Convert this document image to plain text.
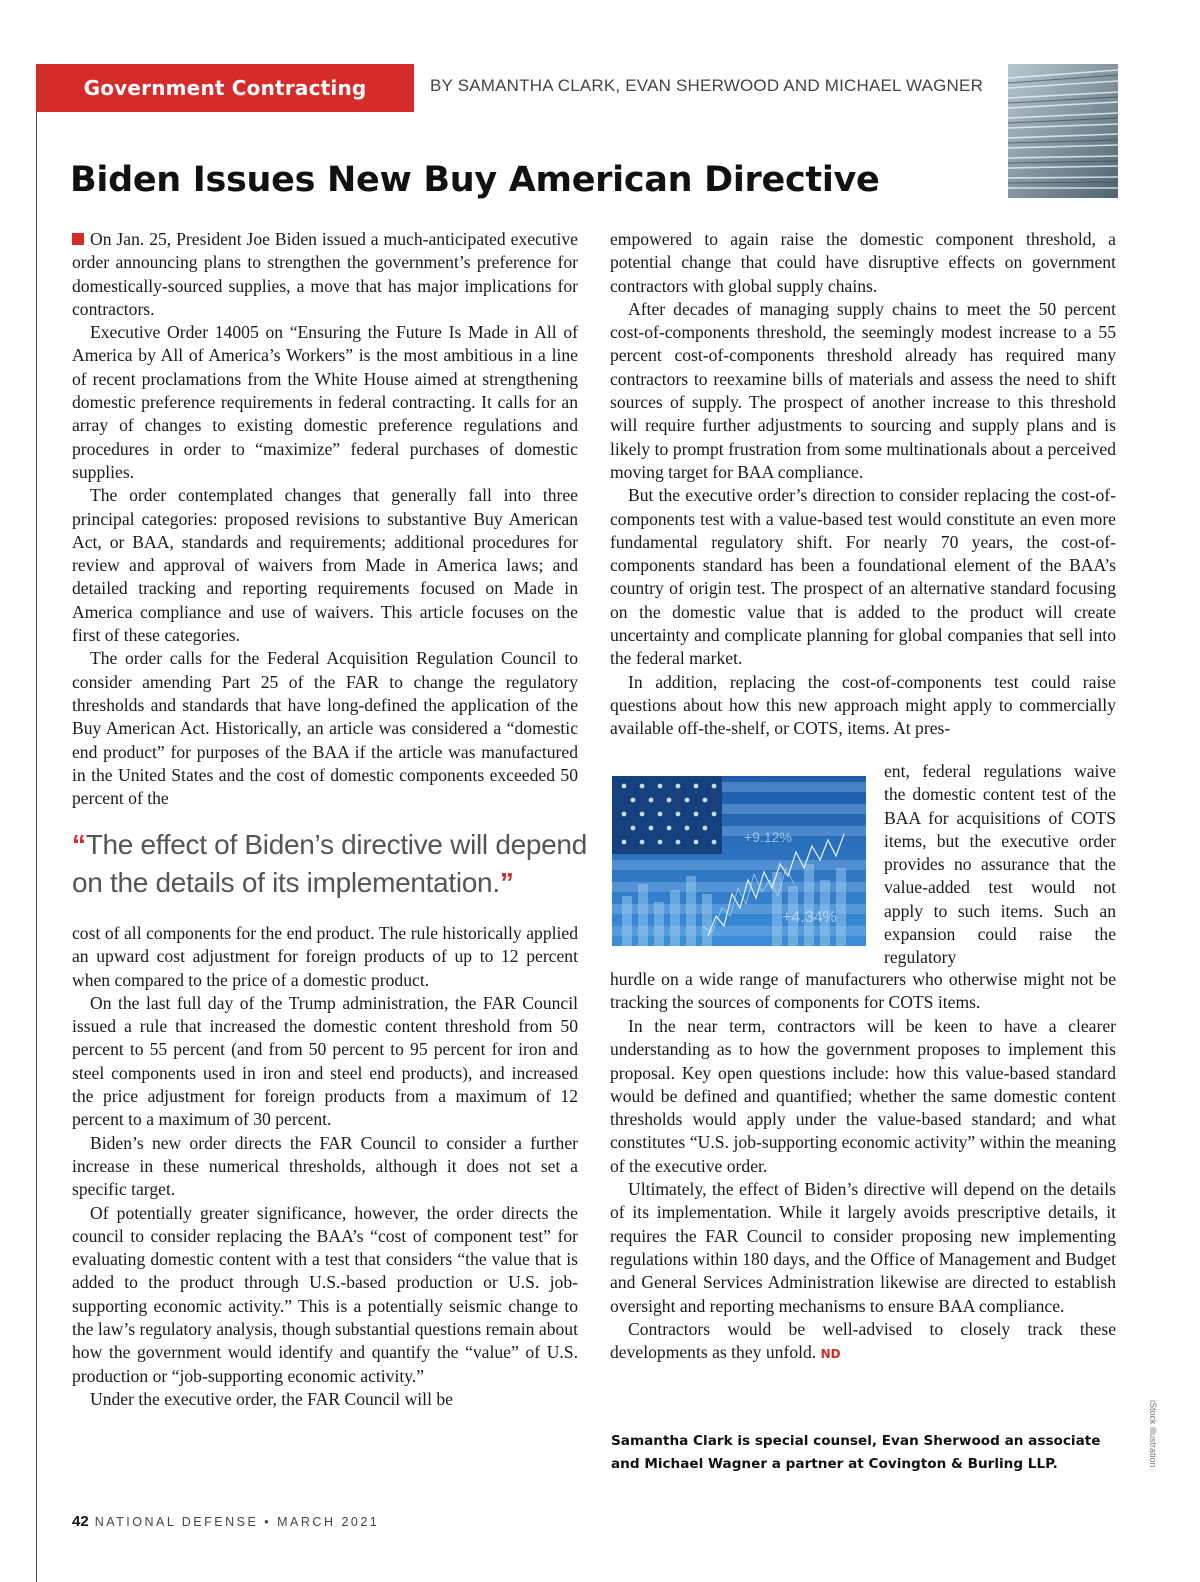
Government Contracting Insights
BY SAMANTHA CLARK, EVAN SHERWOOD AND MICHAEL WAGNER
Biden Issues New Buy American Directive

On Jan. 25, President Joe Biden issued a much-anticipated executive order announcing plans to strengthen the government’s preference for domestically-sourced supplies, a move that has major implications for contractors.

Executive Order 14005 on “Ensuring the Future Is Made in All of America by All of America’s Workers” is the most ambitious in a line of recent proclamations from the White House aimed at strengthening domestic preference requirements in federal contracting. It calls for an array of changes to existing domestic preference regulations and procedures in order to “maximize” federal purchases of domestic supplies.

The order contemplated changes that generally fall into three principal categories: proposed revisions to substantive Buy American Act, or BAA, standards and requirements; additional procedures for review and approval of waivers from Made in America laws; and detailed tracking and reporting requirements focused on Made in America compliance and use of waivers. This article focuses on the first of these categories.

The order calls for the Federal Acquisition Regulation Council to consider amending Part 25 of the FAR to change the regulatory thresholds and standards that have long-defined the application of the Buy American Act. Historically, an article was considered a “domestic end product” for purposes of the BAA if the article was manufactured in the United States and the cost of domestic components exceeded 50 percent of the

“The effect of Biden’s directive will depend on the details of its implementation.”

cost of all components for the end product. The rule historically applied an upward cost adjustment for foreign products of up to 12 percent when compared to the price of a domestic product.

On the last full day of the Trump administration, the FAR Council issued a rule that increased the domestic content threshold from 50 percent to 55 percent (and from 50 percent to 95 percent for iron and steel components used in iron and steel end products), and increased the price adjustment for foreign products from a maximum of 12 percent to a maximum of 30 percent.

Biden’s new order directs the FAR Council to consider a further increase in these numerical thresholds, although it does not set a specific target.

Of potentially greater significance, however, the order directs the council to consider replacing the BAA’s “cost of component test” for evaluating domestic content with a test that considers “the value that is added to the product through U.S.-based production or U.S. job-supporting economic activity.” This is a potentially seismic change to the law’s regulatory analysis, though substantial questions remain about how the government would identify and quantify the “value” of U.S. production or “job-supporting economic activity.”

Under the executive order, the FAR Council will be

empowered to again raise the domestic component threshold, a potential change that could have disruptive effects on government contractors with global supply chains.

After decades of managing supply chains to meet the 50 percent cost-of-components threshold, the seemingly modest increase to a 55 percent cost-of-components threshold already has required many contractors to reexamine bills of materials and assess the need to shift sources of supply. The prospect of another increase to this threshold will require further adjustments to sourcing and supply plans and is likely to prompt frustration from some multinationals about a perceived moving target for BAA compliance.

But the executive order’s direction to consider replacing the cost-of-components test with a value-based test would constitute an even more fundamental regulatory shift. For nearly 70 years, the cost-of-components standard has been a foundational element of the BAA’s country of origin test. The prospect of an alternative standard focusing on the domestic value that is added to the product will create uncertainty and complicate planning for global companies that sell into the federal market.

In addition, replacing the cost-of-components test could raise questions about how this new approach might apply to commercially available off-the-shelf, or COTS, items. At pres-

+9.12%
+4.34%

ent, federal regulations waive the domestic content test of the BAA for acquisitions of COTS items, but the executive order provides no assurance that the value-added test would not apply to such items. Such an expansion could raise the regulatory

hurdle on a wide range of manufacturers who otherwise might not be tracking the sources of components for COTS items.

In the near term, contractors will be keen to have a clearer understanding as to how the government proposes to implement this proposal. Key open questions include: how this value-based standard would be defined and quantified; whether the same domestic content thresholds would apply under the value-based standard; and what constitutes “U.S. job-supporting economic activity” within the meaning of the executive order.

Ultimately, the effect of Biden’s directive will depend on the details of its implementation. While it largely avoids prescriptive details, it requires the FAR Council to consider proposing new implementing regulations within 180 days, and the Office of Management and Budget and General Services Administration likewise are directed to establish oversight and reporting mechanisms to ensure BAA compliance.

Contractors would be well-advised to closely track these developments as they unfold. ND

Samantha Clark is special counsel, Evan Sherwood an associate and Michael Wagner a partner at Covington & Burling LLP.	iStock illustration
42 NATIONAL DEFENSE • MARCH 2021
